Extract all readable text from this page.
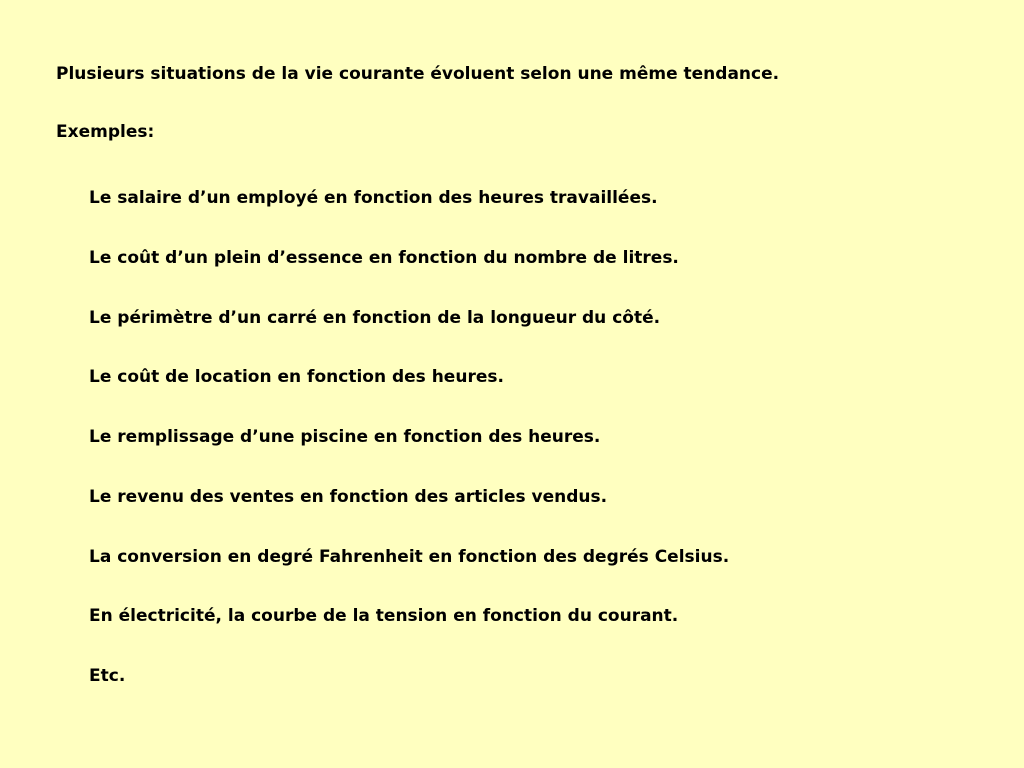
Plusieurs situations de la vie courante évoluent selon une même tendance.
Exemples:
Le salaire d’un employé en fonction des heures travaillées.
Le coût d’un plein d’essence en fonction du nombre de litres.
Le périmètre d’un carré en fonction de la longueur du côté.
Le coût de location en fonction des heures.
Le remplissage d’une piscine en fonction des heures.
Le revenu des ventes en fonction des articles vendus.
La conversion en degré Fahrenheit en fonction des degrés Celsius.
En électricité, la courbe de la tension en fonction du courant.
Etc.
